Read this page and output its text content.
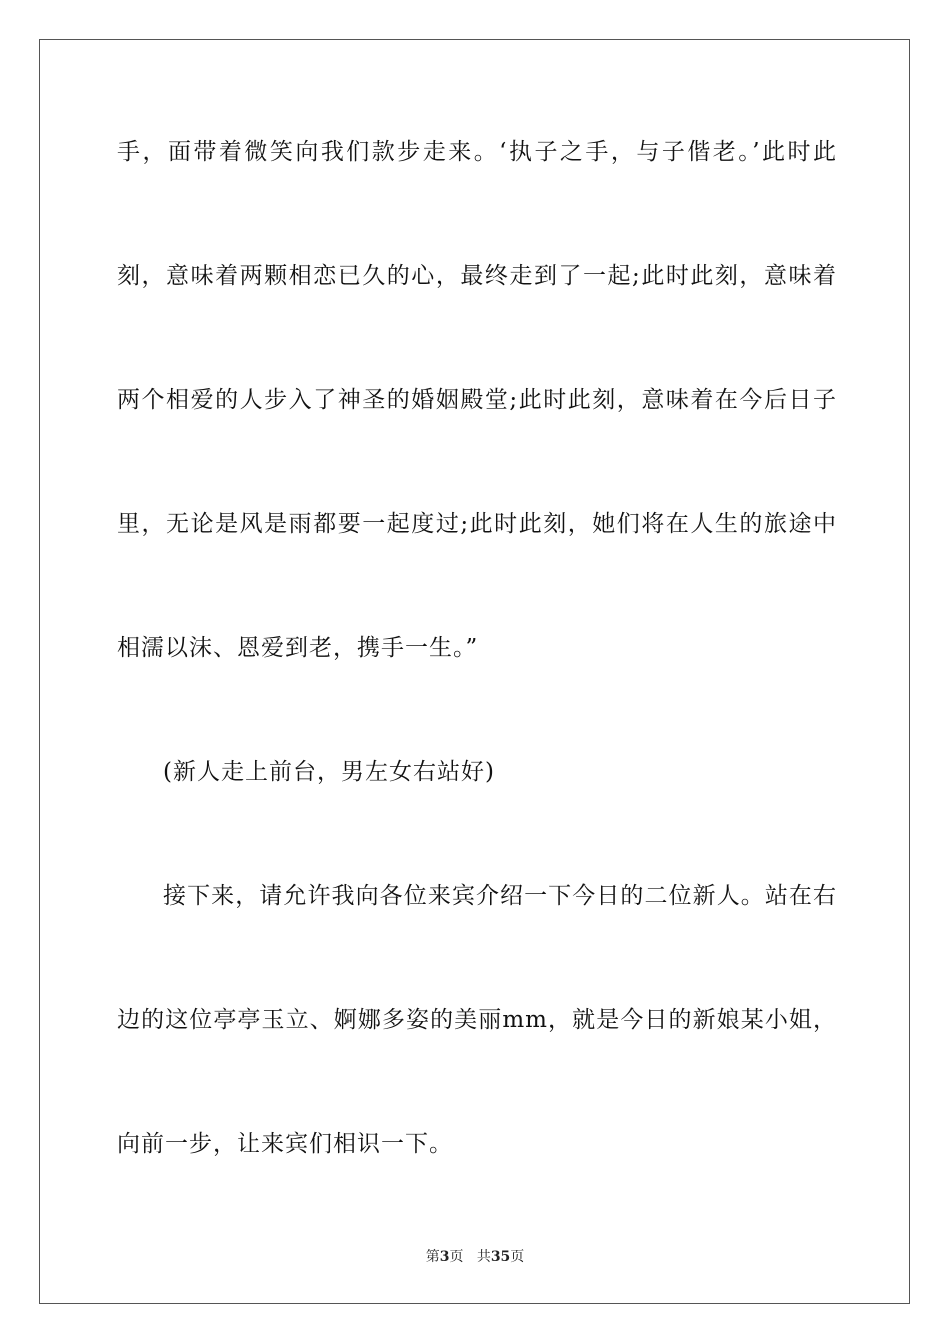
手，面带着微笑向我们款步走来。‘执子之手，与子偕老。’此时此
刻，意味着两颗相恋已久的心，最终走到了一起;此时此刻，意味着
两个相爱的人步入了神圣的婚姻殿堂;此时此刻，意味着在今后日子
里，无论是风是雨都要一起度过;此时此刻，她们将在人生的旅途中
相濡以沫、恩爱到老，携手一生。”
(新人走上前台，男左女右站好)
接下来，请允许我向各位来宾介绍一下今日的二位新人。站在右
边的这位亭亭玉立、婀娜多姿的美丽mm，就是今日的新娘某小姐，
向前一步，让来宾们相识一下。
第3页 共35页
